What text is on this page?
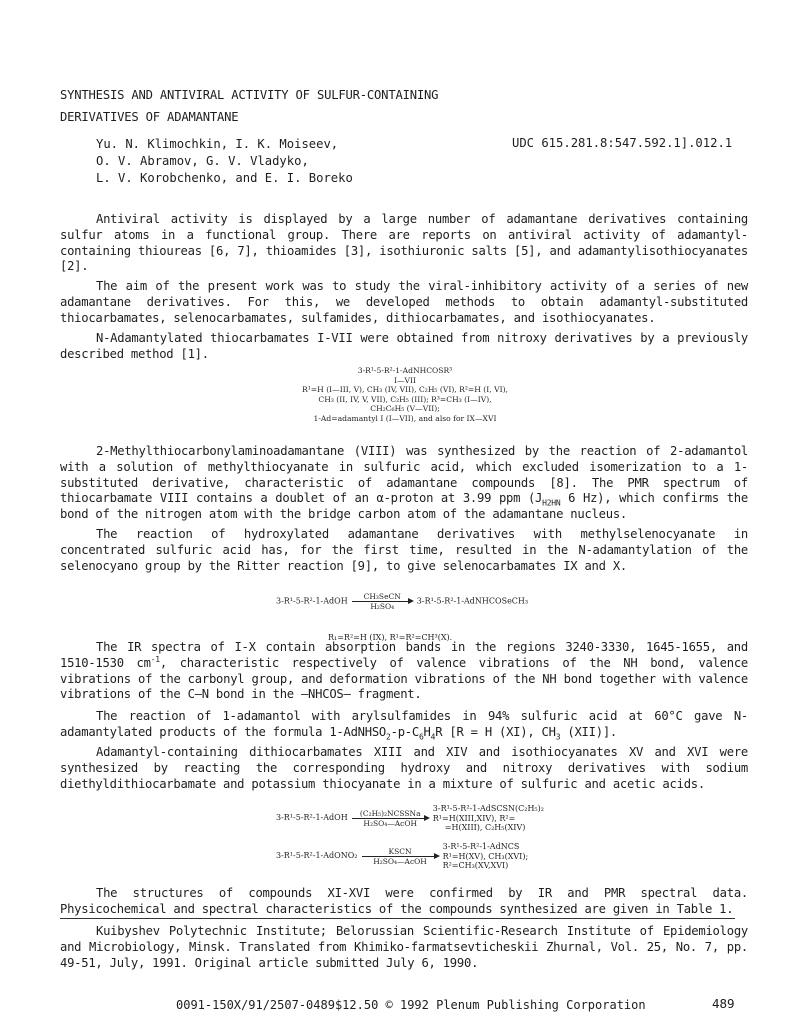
SYNTHESIS AND ANTIVIRAL ACTIVITY OF SULFUR-CONTAINING
DERIVATIVES OF ADAMANTANE
Yu. N. Klimochkin, I. K. Moiseev,
O. V. Abramov, G. V. Vladyko,
L. V. Korobchenko, and E. I. Boreko
UDC 615.281.8:547.592.1].012.1
Antiviral activity is displayed by a large number of adamantane derivatives containing sulfur atoms in a functional group. There are reports on antiviral activity of adamantyl-containing thioureas [6, 7], thioamides [3], isothiuronic salts [5], and adamantylisothiocyanates [2].
The aim of the present work was to study the viral-inhibitory activity of a series of new adamantane derivatives. For this, we developed methods to obtain adamantyl-substituted thiocarbamates, selenocarbamates, sulfamides, dithiocarbamates, and isothiocyanates.
N-Adamantylated thiocarbamates I-VII were obtained from nitroxy derivatives by a previously described method [1].
3-R¹-5-R²-1-AdNHCOSR³
I—VII
R¹=H (I—III, V), CH₃ (IV, VII), C₂H₅ (VI), R²=H (I, VI),
CH₃ (II, IV, V, VII), C₂H₅ (III); R³=CH₃ (I—IV),
CH₂C₆H₅ (V—VII);
1-Ad=adamantyl I (I—VII), and also for IX—XVI
2-Methylthiocarbonylaminoadamantane (VIII) was synthesized by the reaction of 2-adamantol with a solution of methylthiocyanate in sulfuric acid, which excluded isomerization to a 1-substituted derivative, characteristic of adamantane compounds [8]. The PMR spectrum of thiocarbamate VIII contains a doublet of an α-proton at 3.99 ppm ($J_{H2HN}$ 6 Hz), which confirms the bond of the nitrogen atom with the bridge carbon atom of the adamantane nucleus.
The reaction of hydroxylated adamantane derivatives with methylselenocyanate in concentrated sulfuric acid has, for the first time, resulted in the N-adamantylation of the selenocyano group by the Ritter reaction [9], to give selenocarbamates IX and X.
3-R¹-5-R²-1-AdOH	CH₃SeCN
H₂SO₄
3-R¹-5-R²-1-AdNHCOSeCH₃
R₁=R²=H (IX), R¹=R²=CH³(X).
The IR spectra of I-X contain absorption bands in the regions 3240-3330, 1645-1655, and 1510-1530 $cm^{-1}$, characteristic respectively of valence vibrations of the NH bond, valence vibrations of the carbonyl group, and deformation vibrations of the NH bond together with valence vibrations of the C—N bond in the —NHCOS— fragment.
The reaction of 1-adamantol with arylsulfamides in 94% sulfuric acid at 60°C gave N-adamantylated products of the formula $1-AdNHSO_2-p-C_6H_4R$ [R = H (XI), $CH_3$ (XII)].
Adamantyl-containing dithiocarbamates XIII and XIV and isothiocyanates XV and XVI were synthesized by reacting the corresponding hydroxy and nitroxy derivatives with sodium diethyldithiocarbamate and potassium thiocyanate in a mixture of sulfuric and acetic acids.
3-R¹-5-R²-1-AdOH
(C₂H₅)₂NCSSNa
H₂SO₄—AcOH

3-R¹-5-R²-1-AdSCSN(C₂H₅)₂
R¹=H(XIII,XIV), R²=
=H(XIII), C₂H₅(XIV)
3-R¹-5-R²-1-AdONO₂
KSCN
H₂SO₄—AcOH

3-R¹-5-R²-1-AdNCS
R¹=H(XV), CH₃(XVI);
R²=CH₃(XV,XVI)
The structures of compounds XI-XVI were confirmed by IR and PMR spectral data. Physicochemical and spectral characteristics of the compounds synthesized are given in Table 1.
Kuibyshev Polytechnic Institute; Belorussian Scientific-Research Institute of Epidemiology and Microbiology, Minsk. Translated from Khimiko-farmatsevticheskii Zhurnal, Vol. 25, No. 7, pp. 49-51, July, 1991. Original article submitted July 6, 1990.
0091-150X/91/2507-0489$12.50 © 1992 Plenum Publishing Corporation	489
